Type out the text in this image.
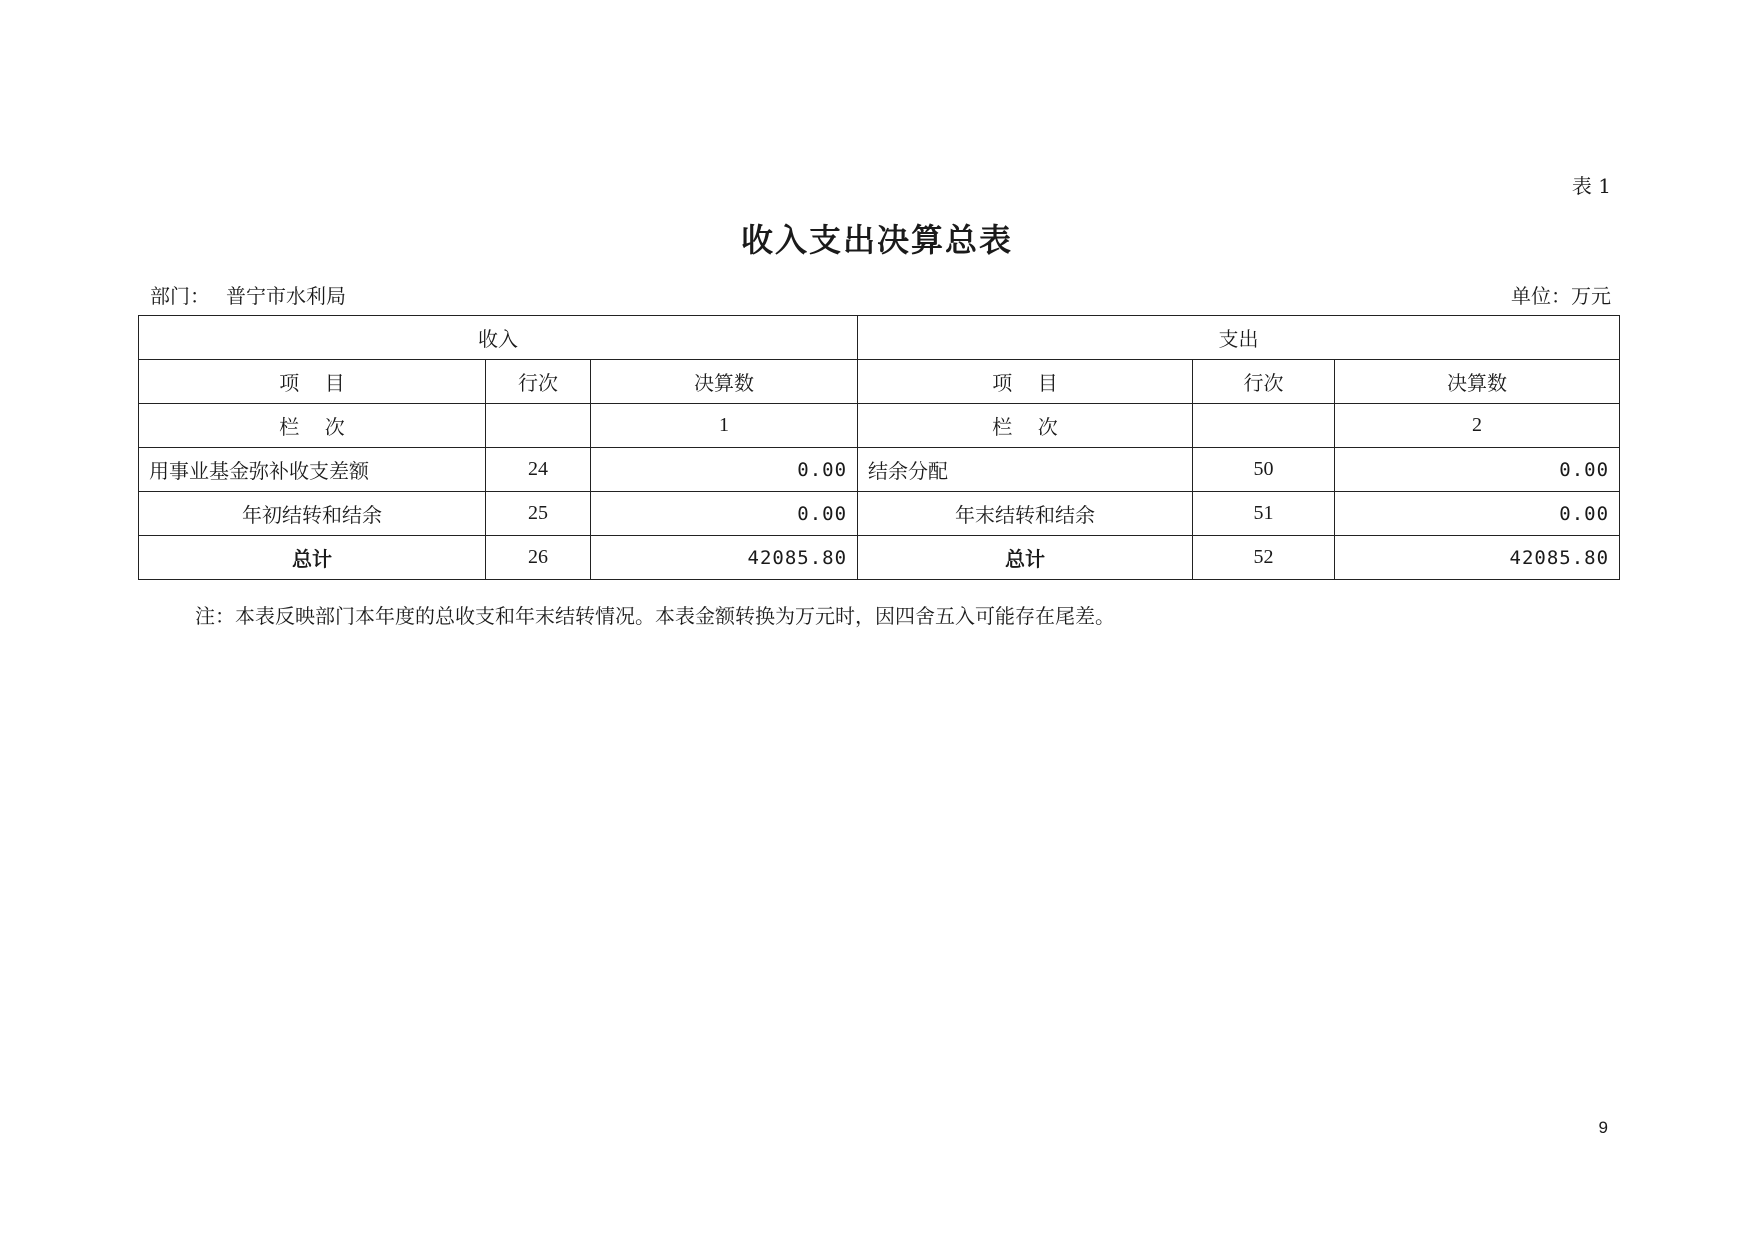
表 1
收入支出决算总表
部门： 普宁市水利局	单位：万元
收入			支出		
项    目	行次	决算数	项    目	行次	决算数
栏    次		1	栏    次		2
用事业基金弥补收支差额	24	0.00	结余分配	50	0.00
年初结转和结余	25	0.00	年末结转和结余	51	0.00
总计	26	42085.80	总计	52	42085.80
注：本表反映部门本年度的总收支和年末结转情况。本表金额转换为万元时，因四舍五入可能存在尾差。
9
